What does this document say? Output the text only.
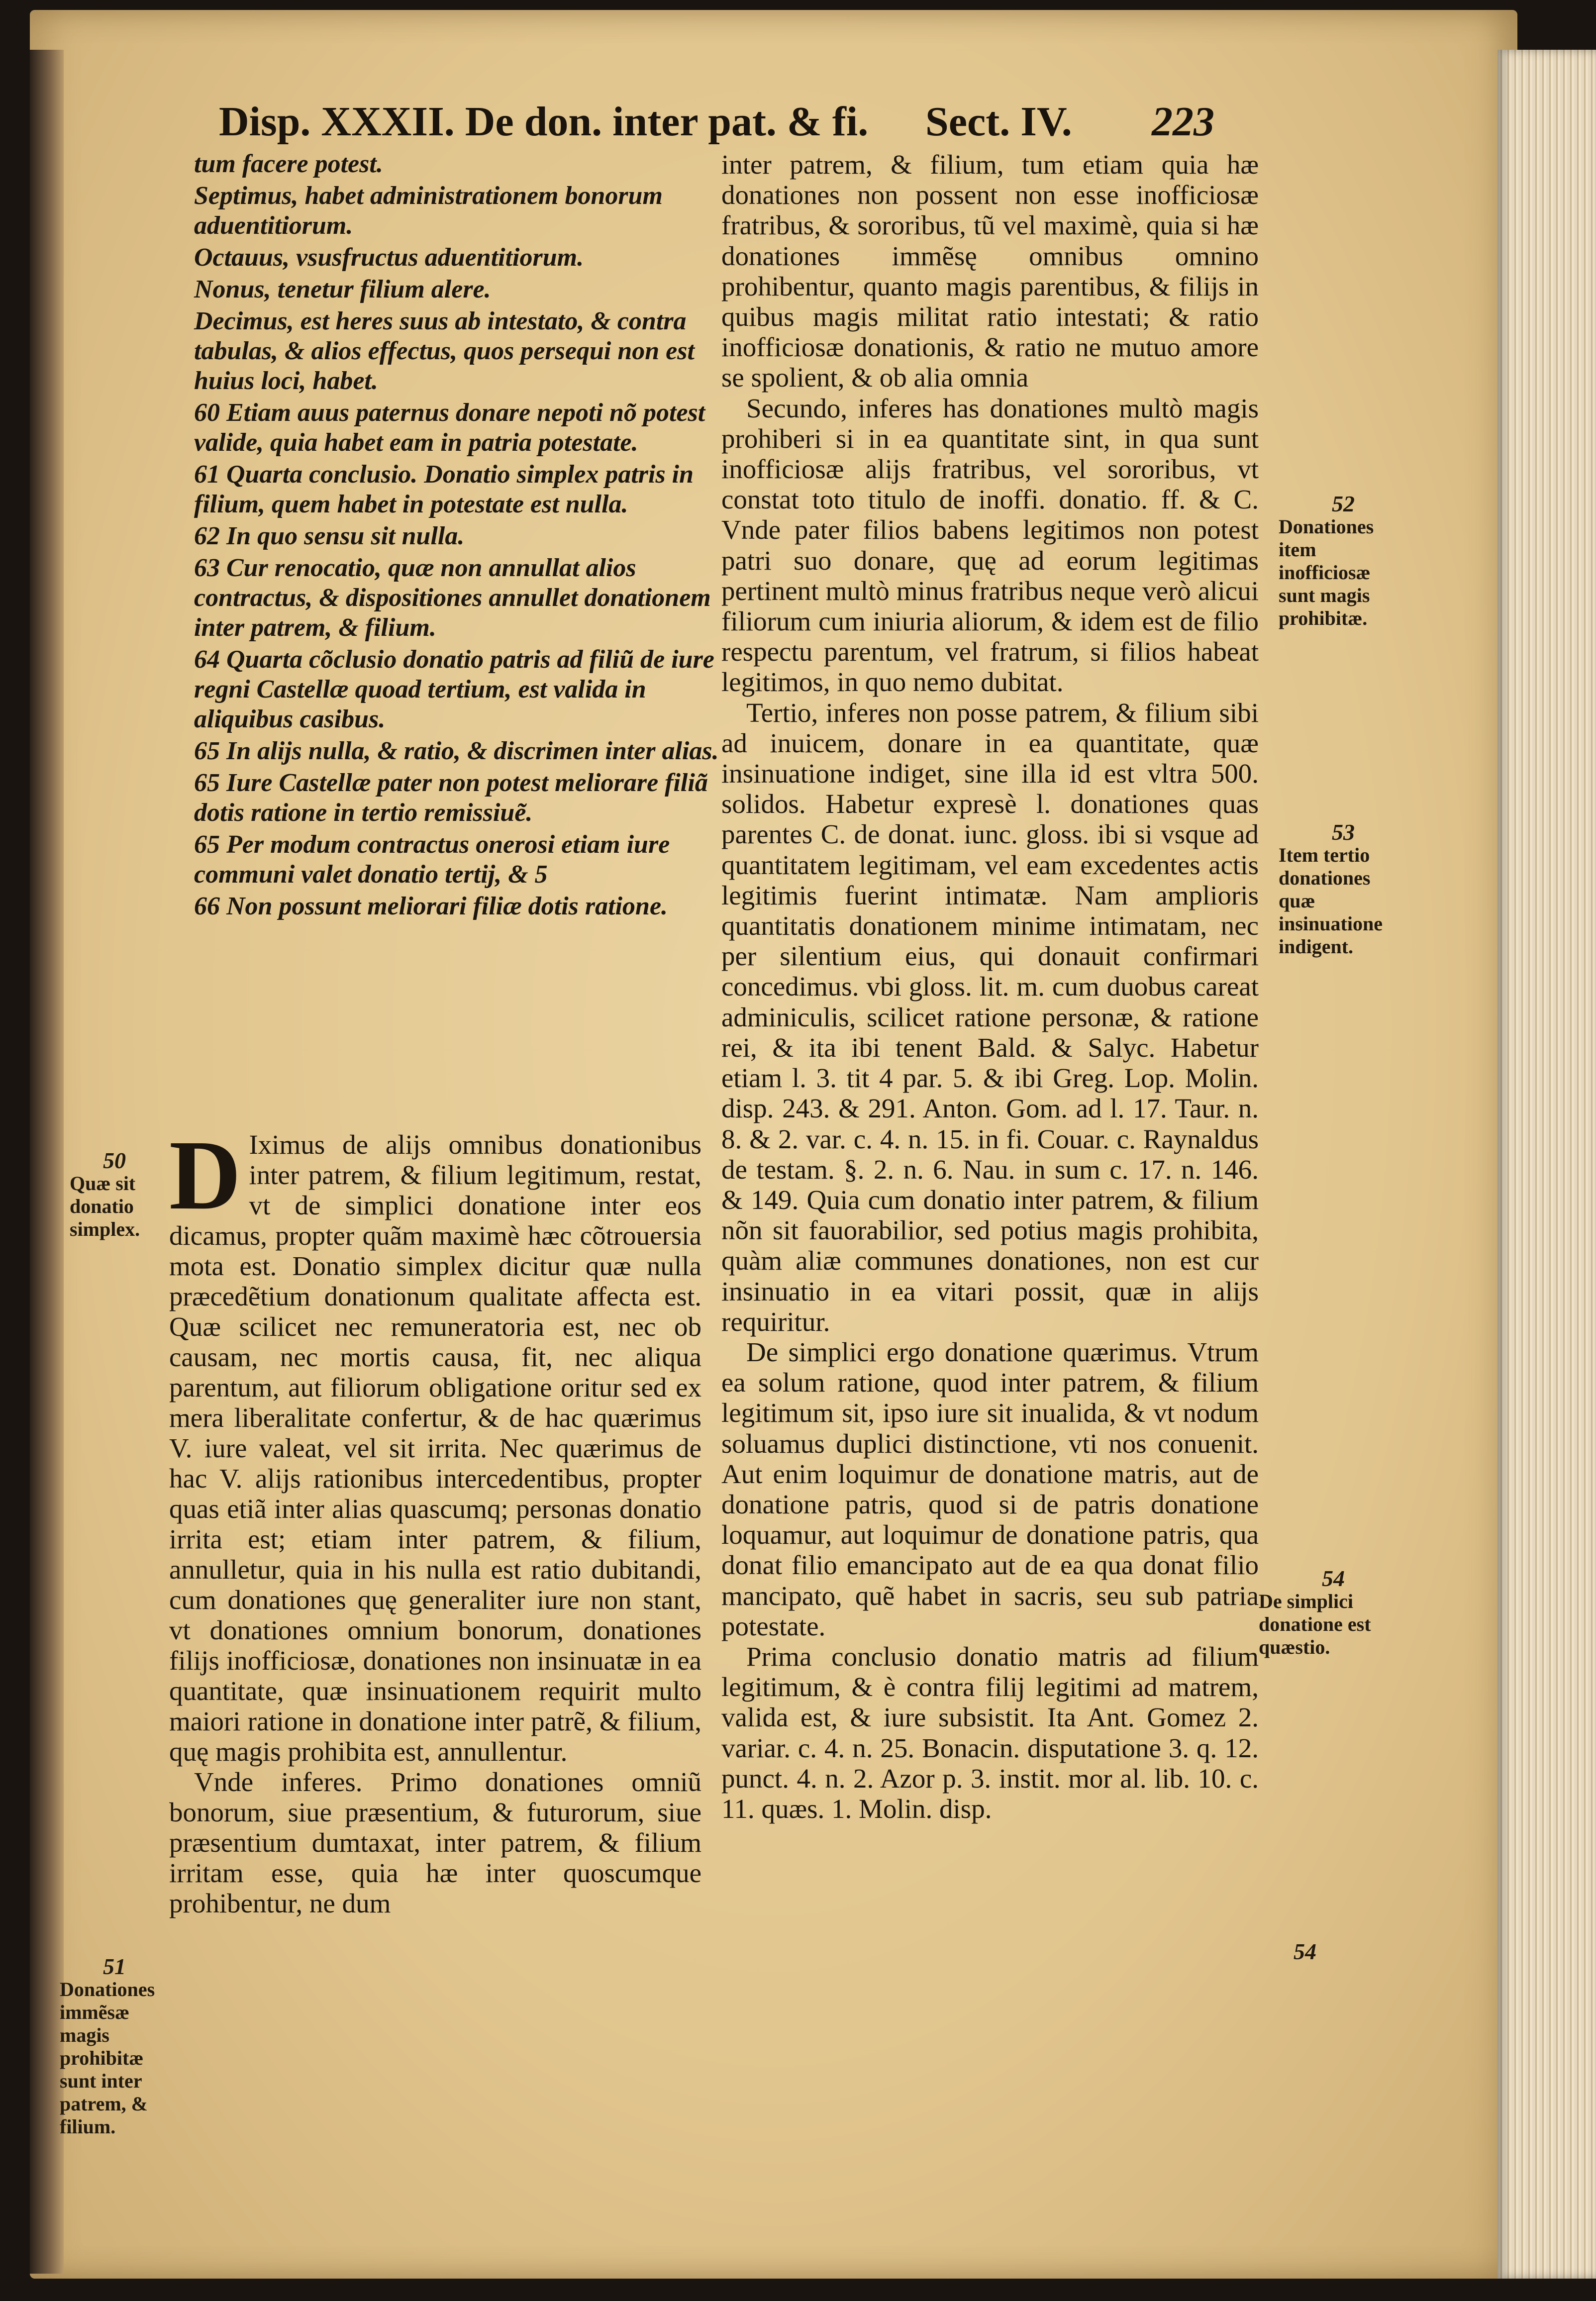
Disp. XXXII. De don. inter pat. & fi. Sect. IV. 223

tum facere potest.

Septimus, habet administrationem bonorum aduentitiorum.

Octauus, vsusfructus aduentitiorum.

Nonus, tenetur filium alere.

Decimus, est heres suus ab intestato, & contra tabulas, & alios effectus, quos persequi non est huius loci, habet.

60 Etiam auus paternus donare nepoti nõ potest valide, quia habet eam in patria potestate.

61 Quarta conclusio. Donatio simplex patris in filium, quem habet in potestate est nulla.

62 In quo sensu sit nulla.

63 Cur renocatio, quæ non annullat alios contractus, & dispositiones annullet donationem inter patrem, & filium.

64 Quarta cõclusio donatio patris ad filiũ de iure regni Castellæ quoad tertium, est valida in aliquibus casibus.

65 In alijs nulla, & ratio, & discrimen inter alias.

65 Iure Castellæ pater non potest meliorare filiã dotis ratione in tertio remissiuẽ.

65 Per modum contractus onerosi etiam iure communi valet donatio tertij, & 5

66 Non possunt meliorari filiæ dotis ratione.

D Iximus de alijs omnibus donationibus inter patrem, & filium legitimum, restat, vt de simplici donatione inter eos dicamus, propter quãm maximè hæc cõtrouersia mota est. Donatio simplex dicitur quæ nulla præcedẽtium donationum qualitate affecta est. Quæ scilicet nec remuneratoria est, nec ob causam, nec mortis causa, fit, nec aliqua parentum, aut filiorum obligatione oritur sed ex mera liberalitate confertur, & de hac quærimus V. iure valeat, vel sit irrita. Nec quærimus de hac V. alijs rationibus intercedentibus, propter quas etiã inter alias quascumq; personas donatio irrita est; etiam inter patrem, & filium, annulletur, quia in his nulla est ratio dubitandi, cum donationes quę generaliter iure non stant, vt donationes omnium bonorum, donationes filijs inofficiosæ, donationes non insinuatæ in ea quantitate, quæ insinuationem requirit multo maiori ratione in donatione inter patrẽ, & filium, quę magis prohibita est, annullentur.

Vnde inferes. Primo donationes omniũ bonorum, siue præsentium, & futurorum, siue præsentium dumtaxat, inter patrem, & filium irritam esse, quia hæ inter quoscumque prohibentur, ne dum

inter patrem, & filium, tum etiam quia hæ donationes non possent non esse inofficiosæ fratribus, & sororibus, tũ vel maximè, quia si hæ donationes immẽsę omnibus omnino prohibentur, quanto magis parentibus, & filijs in quibus magis militat ratio intestati; & ratio inofficiosæ donationis, & ratio ne mutuo amore se spolient, & ob alia omnia

Secundo, inferes has donationes multò magis prohiberi si in ea quantitate sint, in qua sunt inofficiosæ alijs fratribus, vel sororibus, vt constat toto titulo de inoffi. donatio. ff. & C. Vnde pater filios babens legitimos non potest patri suo donare, quę ad eorum legitimas pertinent multò minus fratribus neque verò alicui filiorum cum iniuria aliorum, & idem est de filio respectu parentum, vel fratrum, si filios habeat legitimos, in quo nemo dubitat.

Tertio, inferes non posse patrem, & filium sibi ad inuicem, donare in ea quantitate, quæ insinuatione indiget, sine illa id est vltra 500. solidos. Habetur expresè l. donationes quas parentes C. de donat. iunc. gloss. ibi si vsque ad quantitatem legitimam, vel eam excedentes actis legitimis fuerint intimatæ. Nam amplioris quantitatis donationem minime intimatam, nec per silentium eius, qui donauit confirmari concedimus. vbi gloss. lit. m. cum duobus careat adminiculis, scilicet ratione personæ, & ratione rei, & ita ibi tenent Bald. & Salyc. Habetur etiam l. 3. tit 4 par. 5. & ibi Greg. Lop. Molin. disp. 243. & 291. Anton. Gom. ad l. 17. Taur. n. 8. & 2. var. c. 4. n. 15. in fi. Couar. c. Raynaldus de testam. §. 2. n. 6. Nau. in sum c. 17. n. 146. & 149. Quia cum donatio inter patrem, & filium nõn sit fauorabilior, sed potius magis prohibita, quàm aliæ communes donationes, non est cur insinuatio in ea vitari possit, quæ in alijs requiritur.

De simplici ergo donatione quærimus. Vtrum ea solum ratione, quod inter patrem, & filium legitimum sit, ipso iure sit inualida, & vt nodum soluamus duplici distinctione, vti nos conuenit. Aut enim loquimur de donatione matris, aut de donatione patris, quod si de patris donatione loquamur, aut loquimur de donatione patris, qua donat filio emancipato aut de ea qua donat filio mancipato, quẽ habet in sacris, seu sub patria potestate.

Prima conclusio donatio matris ad filium legitimum, & è contra filij legitimi ad matrem, valida est, & iure subsistit. Ita Ant. Gomez 2. variar. c. 4. n. 25. Bonacin. disputatione 3. q. 12. punct. 4. n. 2. Azor p. 3. instit. mor al. lib. 10. c. 11. quæs. 1. Molin. disp.

50
Quæ sit donatio simplex.
51
Donationes immẽsæ magis prohibitæ sunt inter patrem, & filium.
52
Donationes item inofficiosæ sunt magis prohibitæ.
53
Item tertio donationes quæ insinuatione indigent.
54
De simplici donatione est quæstio.
54
